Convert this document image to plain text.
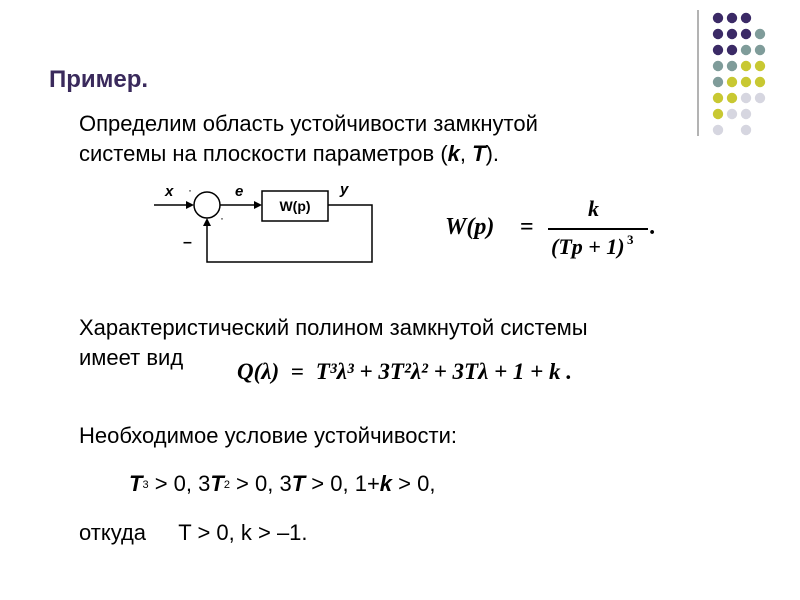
Пример.
Определим область устойчивости замкнутой
системы на плоскости параметров (k, T).
W(p)
x	e	y
–
·
·	W(p) =
k
(Tp + 1) 3 .
Характеристический полином замкнутой системы
имеет вид
Q(λ) = T³λ³ + 3T²λ² + 3Tλ + 1 + k .
Необходимое условие устойчивости:
T3 > 0, 3T2 > 0, 3T > 0, 1+k > 0,
откуда T > 0, k > –1.
